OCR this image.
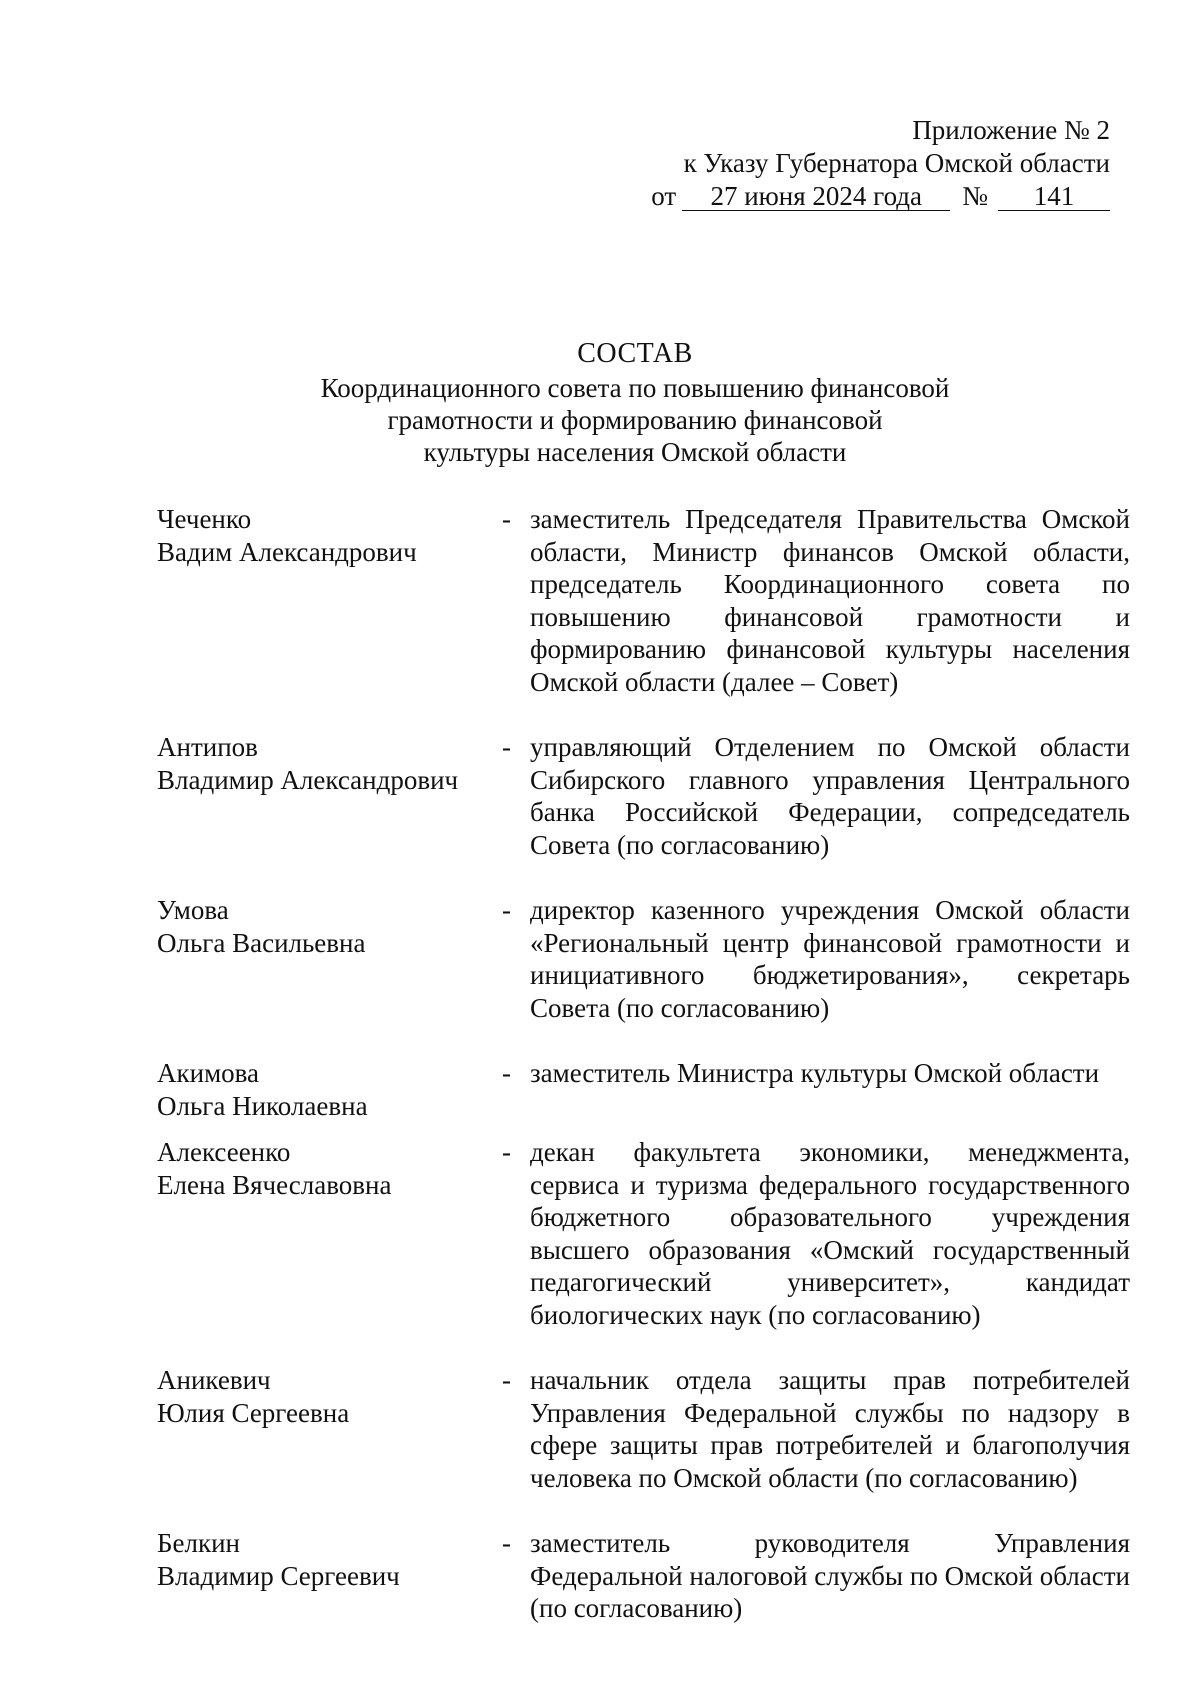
Приложение № 2
к Указу Губернатора Омской области
от	27 июня 2024 года	№	141
СОСТАВ
Координационного совета по повышению финансовой
грамотности и формированию финансовой
культуры населения Омской области
Чеченко
Вадим Александрович
- заместитель Председателя Правительства Омской области, Министр финансов Омской области, председатель Координационного совета по повышению финансовой грамотности и формированию финансовой культуры населения Омской области (далее – Совет)
Антипов
Владимир Александрович
- управляющий Отделением по Омской области Сибирского главного управления Центрального банка Российской Федерации, сопредседатель Совета (по согласованию)
Умова
Ольга Васильевна
- директор казенного учреждения Омской области «Региональный центр финансовой грамотности и инициативного бюджетирования», секретарь Совета (по согласованию)
Акимова
Ольга Николаевна
- заместитель Министра культуры Омской области
Алексеенко
Елена Вячеславовна
- декан факультета экономики, менеджмента, сервиса и туризма федерального государственного бюджетного образовательного учреждения высшего образования «Омский государственный педагогический университет», кандидат биологических наук (по согласованию)
Аникевич
Юлия Сергеевна
- начальник отдела защиты прав потребителей Управления Федеральной службы по надзору в сфере защиты прав потребителей и благополучия человека по Омской области (по согласованию)
Белкин
Владимир Сергеевич
- заместитель руководителя Управления Федеральной налоговой службы по Омской области (по согласованию)
